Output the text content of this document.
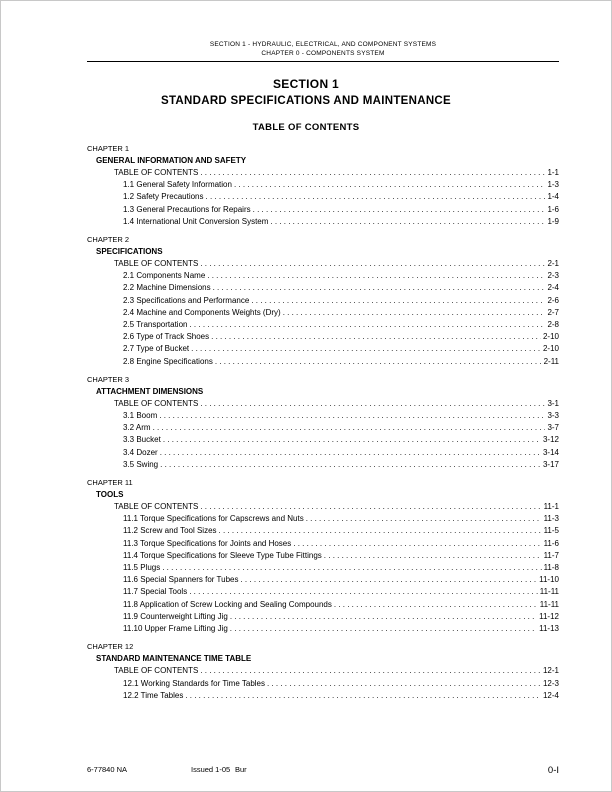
SECTION 1 - HYDRAULIC, ELECTRICAL, AND COMPONENT SYSTEMS
CHAPTER 0 - COMPONENTS SYSTEM
SECTION 1
STANDARD SPECIFICATIONS AND MAINTENANCE
TABLE OF CONTENTS
CHAPTER 1
GENERAL INFORMATION AND SAFETY
TABLE OF CONTENTS . . .	1-1
1.1 General Safety Information . . .	1-3
1.2 Safety Precautions . . .	1-4
1.3 General Precautions for Repairs . . .	1-6
1.4 International Unit Conversion System . . .	1-9
CHAPTER 2
SPECIFICATIONS
TABLE OF CONTENTS . . .	2-1
2.1 Components Name . . .	2-3
2.2 Machine Dimensions . . .	2-4
2.3 Specifications and Performance . . .	2-6
2.4 Machine and Components Weights (Dry) . . .	2-7
2.5 Transportation . . .	2-8
2.6 Type of Track Shoes . . .	2-10
2.7 Type of Bucket . . .	2-10
2.8 Engine Specifications . . .	2-11
CHAPTER 3
ATTACHMENT DIMENSIONS
TABLE OF CONTENTS . . .	3-1
3.1 Boom . . .	3-3
3.2 Arm . . .	3-7
3.3 Bucket . . .	3-12
3.4 Dozer . . .	3-14
3.5 Swing . . .	3-17
CHAPTER 11
TOOLS
TABLE OF CONTENTS . . .	11-1
11.1 Torque Specifications for Capscrews and Nuts . . .	11-3
11.2 Screw and Tool Sizes . . .	11-5
11.3 Torque Specifications for Joints and Hoses . . .	11-6
11.4 Torque Specifications for Sleeve Type Tube Fittings . . .	11-7
11.5 Plugs . . .	11-8
11.6 Special Spanners for Tubes . . .	11-10
11.7 Special Tools . . .	11-11
11.8 Application of Screw Locking and Sealing Compounds . . .	11-11
11.9 Counterweight Lifting Jig . . .	11-12
11.10 Upper Frame Lifting Jig . . .	11-13
CHAPTER 12
STANDARD MAINTENANCE TIME TABLE
TABLE OF CONTENTS . . .	12-1
12.1 Working Standards for Time Tables . . .	12-3
12.2 Time Tables . . .	12-4
6-77840 NA	Issued 1-05 Bur	0-I
